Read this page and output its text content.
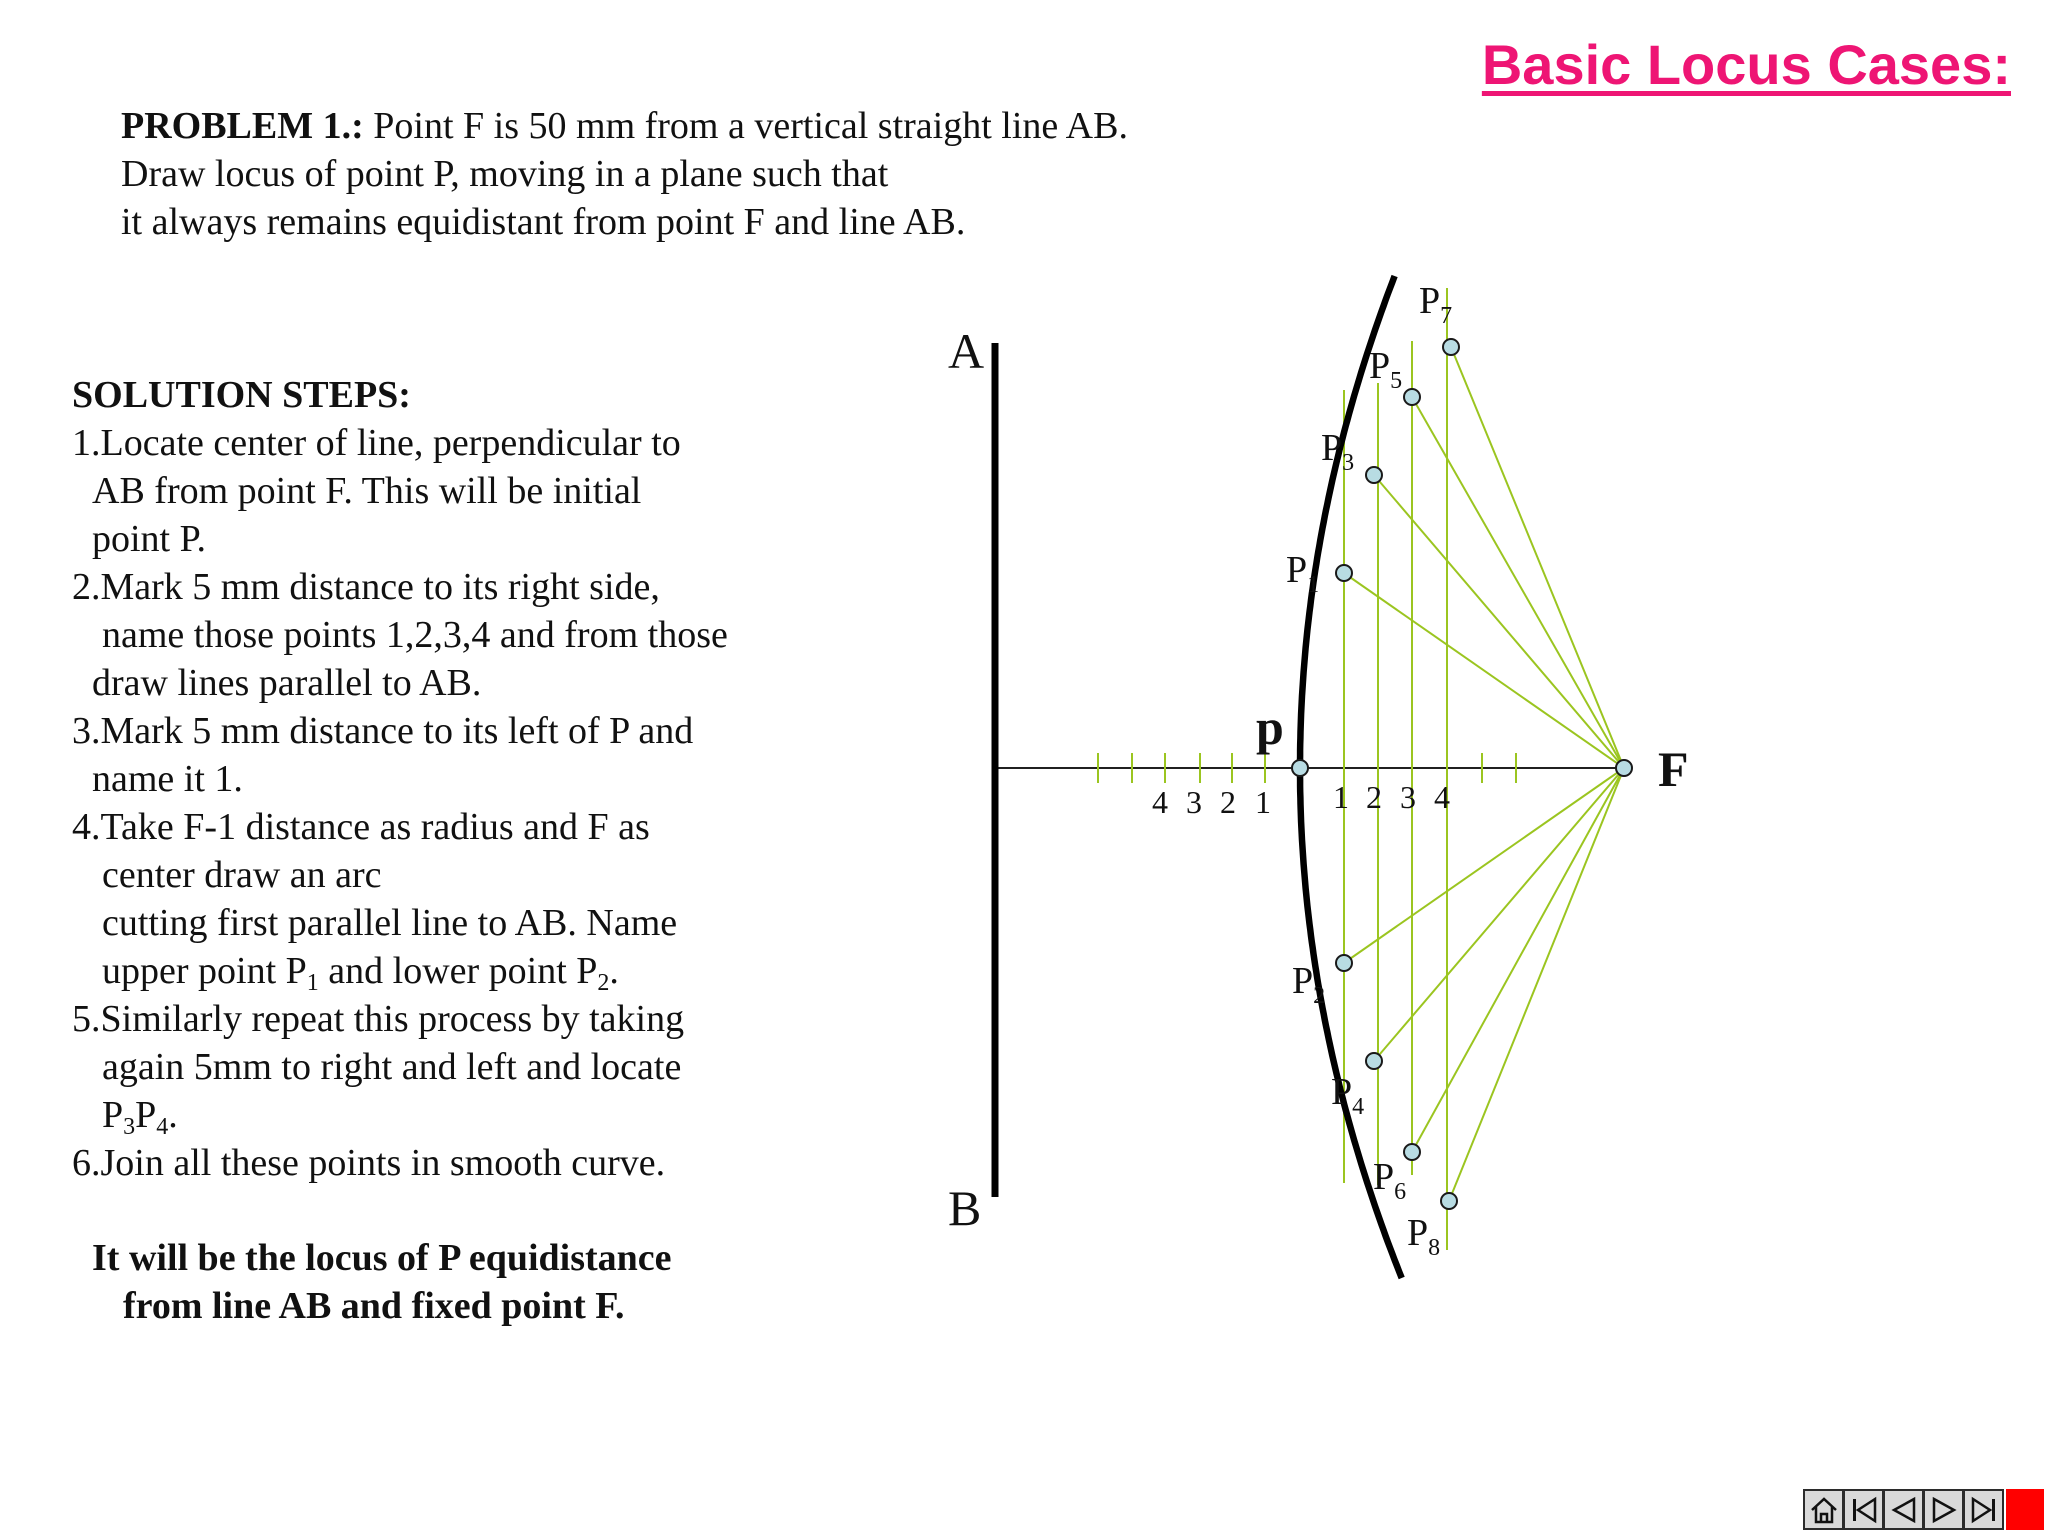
Basic Locus Cases:
PROBLEM 1.: Point F is 50 mm from a vertical straight line AB.
Draw locus of point P, moving in a plane such that
it always remains equidistant from point F and line AB.
SOLUTION STEPS:
1.Locate center of line, perpendicular to
AB from point F. This will be initial
point P.
2.Mark 5 mm distance to its right side,
name those points 1,2,3,4 and from those
draw lines parallel to AB.
3.Mark 5 mm distance to its left of P and
name it 1.
4.Take F-1 distance as radius and F as
center draw an arc
cutting first parallel line to AB. Name
upper point $P_1$ and lower point $P_2$.
5.Similarly repeat this process by taking
again 5mm to right and left and locate
$P_3P_4$.
6.Join all these points in smooth curve.
It will be the locus of P equidistance
from line AB and fixed point F.
A
B
F
p
4 3 2 1 1 2 3 4
P1
P2
P3
P4
P5
P6
P7
P8
